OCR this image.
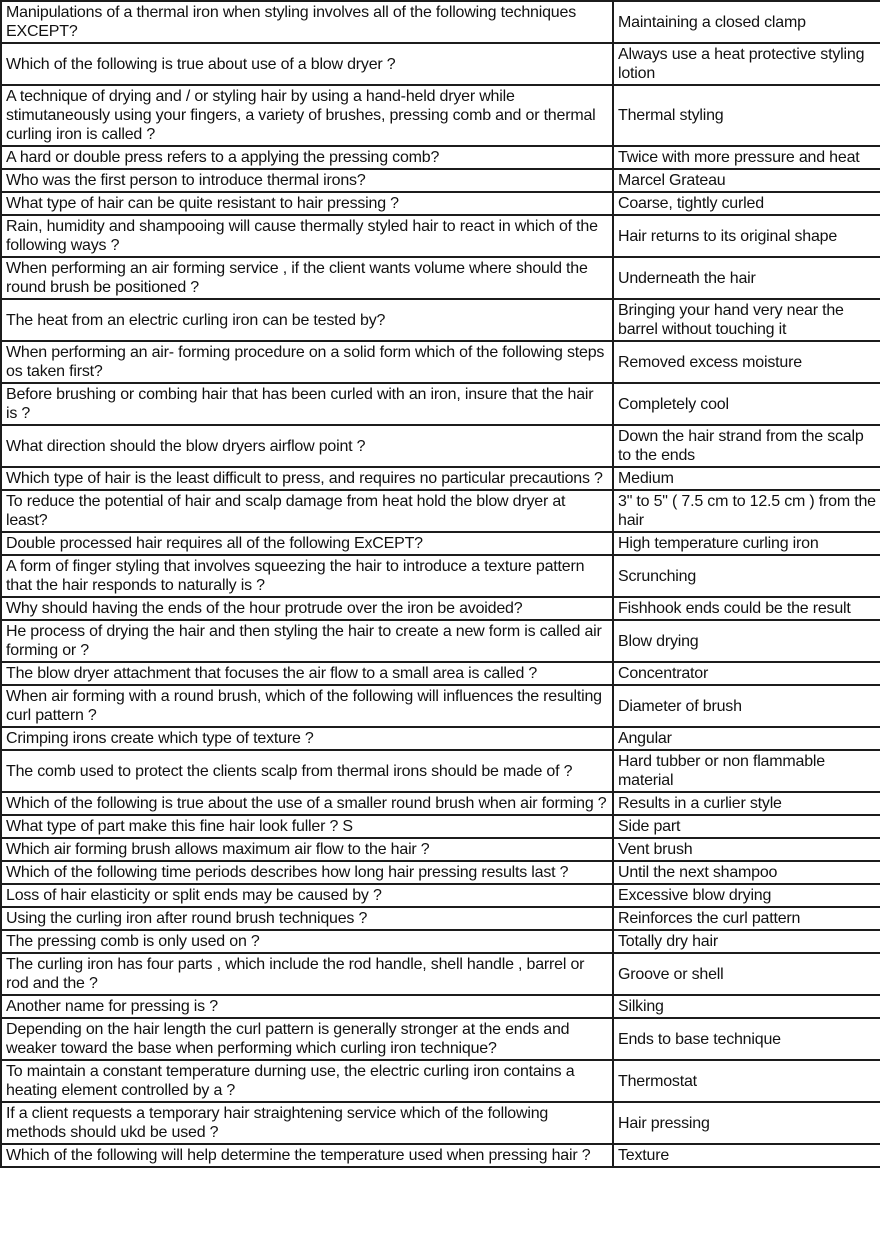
Manipulations of a thermal iron when styling involves all of the following techniques EXCEPT?	Maintaining a closed clamp
Which of the following is true about use of a blow dryer ?	Always use a heat protective styling lotion
A technique of drying and / or styling hair by using a hand-held dryer while stimutaneously using your fingers, a variety of brushes, pressing comb and or thermal curling iron is called ?	Thermal styling
A hard or double press refers to a applying the pressing comb?	Twice with more pressure and heat
Who was the first person to introduce thermal irons?	Marcel Grateau
What type of hair can be quite resistant to hair pressing ?	Coarse, tightly curled
Rain, humidity and shampooing will cause thermally styled hair to react in which of the following ways ?	Hair returns to its original shape
When performing an air forming service , if the client wants volume where should the round brush be positioned ?	Underneath the hair
The heat from an electric curling iron can be tested by?	Bringing your hand very near the barrel without touching it
When performing an air- forming procedure on a solid form which of the following steps os taken first?	Removed excess moisture
Before brushing or combing hair that has been curled with an iron, insure that the hair is ?	Completely cool
What direction should the blow dryers airflow point ?	Down the hair strand from the scalp to the ends
Which type of hair is the least difficult to press, and requires no particular precautions ?	Medium
To reduce the potential of hair and scalp damage from heat hold the blow dryer at least?	3" to 5" ( 7.5 cm to 12.5 cm ) from the hair
Double processed hair requires all of the following ExCEPT?	High temperature curling iron
A form of finger styling that involves squeezing the hair to introduce a texture pattern that the hair responds to naturally is ?	Scrunching
Why should having the ends of the hour protrude over the iron be avoided?	Fishhook ends could be the result
He process of drying the hair and then styling the hair to create a new form is called air forming or ?	Blow drying
The blow dryer attachment that focuses the air flow to a small area is called ?	Concentrator
When air forming with a round brush, which of the following will influences the resulting curl pattern ?	Diameter of brush
Crimping irons create which type of texture ?	Angular
The comb used to protect the clients scalp from thermal irons should be made of ?	Hard tubber or non flammable material
Which of the following is true about the use of a smaller round brush when air forming ?	Results in a curlier style
What type of part make this fine hair look fuller ? S	Side part
Which air forming brush allows maximum air flow to the hair ?	Vent brush
Which of the following time periods describes how long hair pressing results last ?	Until the next shampoo
Loss of hair elasticity or split ends may be caused by ?	Excessive blow drying
Using the curling iron after round brush techniques ?	Reinforces the curl pattern
The pressing comb is only used on ?	Totally dry hair
The curling iron has four parts , which include the rod handle, shell handle , barrel or rod and the ?	Groove or shell
Another name for pressing is ?	Silking
Depending on the hair length the curl pattern is generally stronger at the ends and weaker toward the base when performing which curling iron technique?	Ends to base technique
To maintain a constant temperature durning use, the electric curling iron contains a heating element controlled by a ?	Thermostat
If a client requests a temporary hair straightening service which of the following methods should ukd be used ?	Hair pressing
Which of the following will help determine the temperature used when pressing hair ?	Texture
